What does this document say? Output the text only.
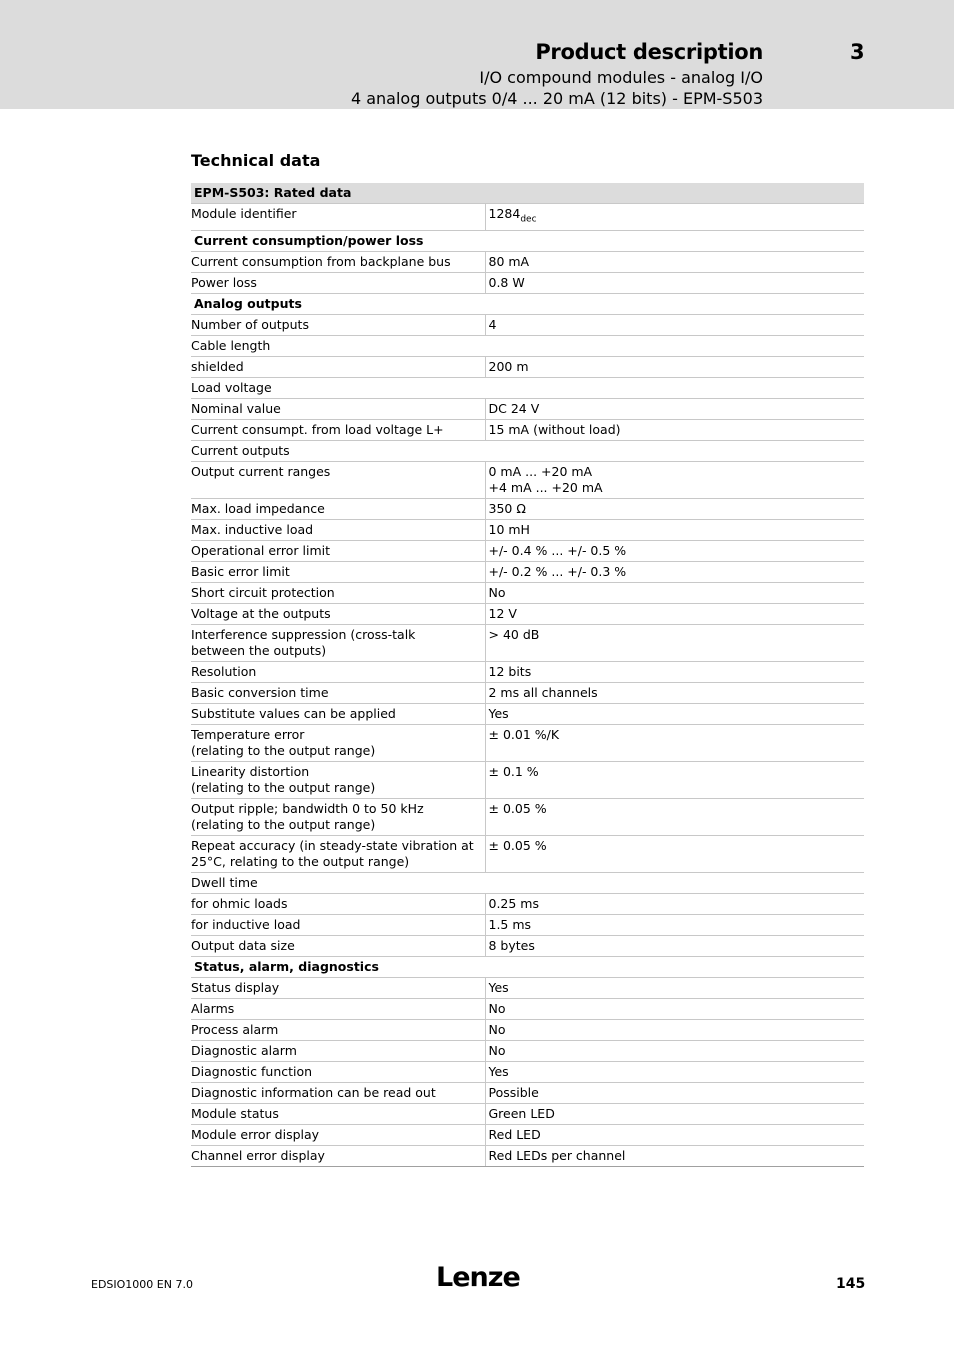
Product description	3
I/O compound modules - analog I/O
4 analog outputs 0/4 ... 20 mA (12 bits) - EPM-S503
Technical data
EPM-S503: Rated data	
Module identifier	$1284_{dec}$
Current consumption/power loss	
Current consumption from backplane bus	80 mA
Power loss	0.8 W
Analog outputs	
Number of outputs	4
Cable length	
shielded	200 m
Load voltage	
Nominal value	DC 24 V
Current consumpt. from load voltage L+	15 mA (without load)
Current outputs	
Output current ranges	0 mA ... +20 mA
+4 mA ... +20 mA

Max. load impedance	350 Ω
Max. inductive load	10 mH
Operational error limit	+/- 0.4 % ... +/- 0.5 %
Basic error limit	+/- 0.2 % ... +/- 0.3 %
Short circuit protection	No
Voltage at the outputs	12 V

Interference suppression (cross-talk
between the outputs)	> 40 dB
Resolution	12 bits
Basic conversion time	2 ms all channels
Substitute values can be applied	Yes

Temperature error
(relating to the output range)	± 0.01 %/K

Linearity distortion
(relating to the output range)	± 0.1 %

Output ripple; bandwidth 0 to 50 kHz
(relating to the output range)	± 0.05 %

Repeat accuracy (in steady-state vibration at
25°C, relating to the output range)	± 0.05 %
Dwell time	
for ohmic loads	0.25 ms
for inductive load	1.5 ms
Output data size	8 bytes
Status, alarm, diagnostics	
Status display	Yes
Alarms	No
Process alarm	No
Diagnostic alarm	No
Diagnostic function	Yes
Diagnostic information can be read out	Possible
Module status	Green LED
Module error display	Red LED
Channel error display	Red LEDs per channel
EDSIO1000 EN 7.0	Lenze	145
